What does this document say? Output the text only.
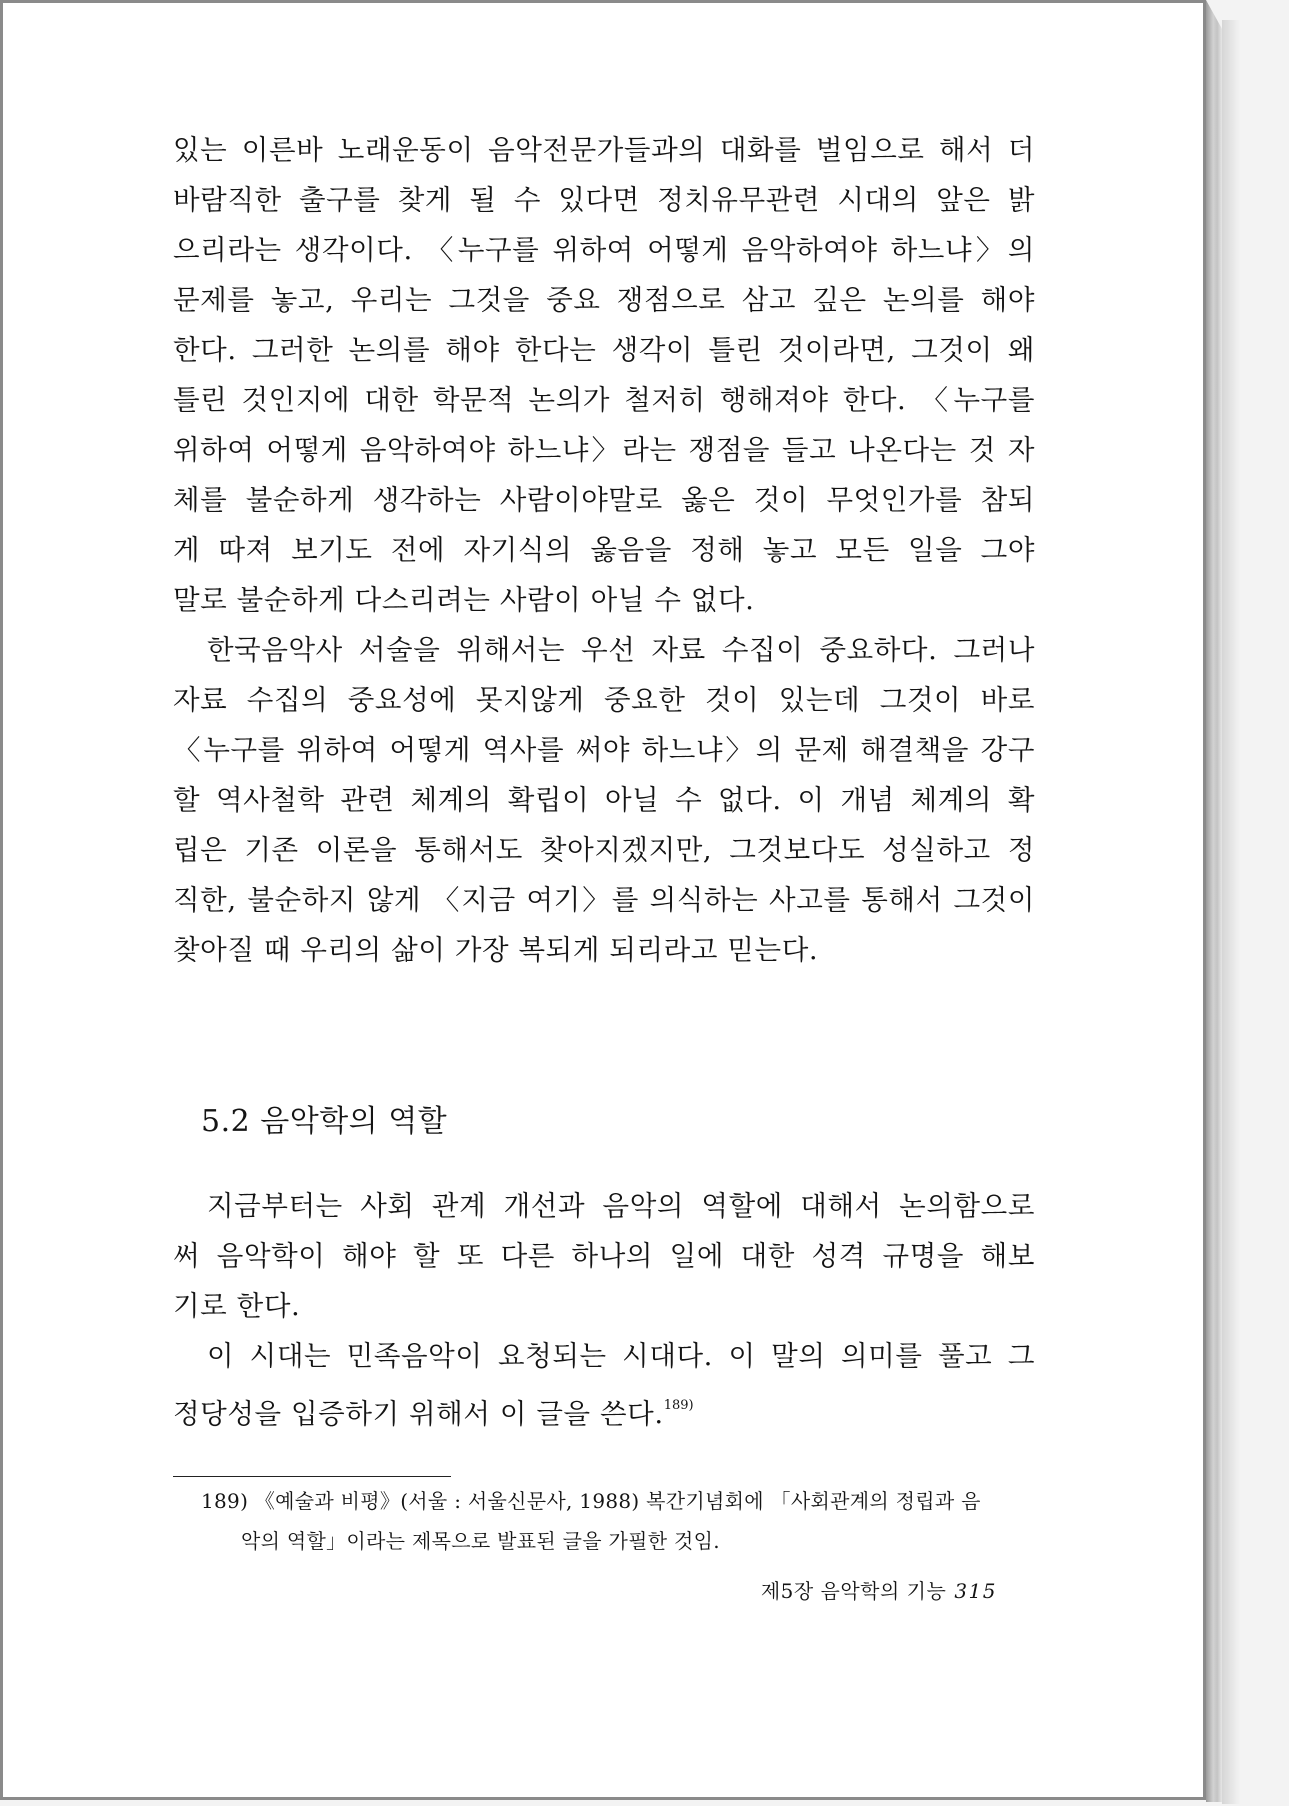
있는 이른바 노래운동이 음악전문가들과의 대화를 벌임으로 해서 더
바람직한 출구를 찾게 될 수 있다면 정치유무관련 시대의 앞은 밝
으리라는 생각이다. 〈누구를 위하여 어떻게 음악하여야 하느냐〉의
문제를 놓고, 우리는 그것을 중요 쟁점으로 삼고 깊은 논의를 해야
한다. 그러한 논의를 해야 한다는 생각이 틀린 것이라면, 그것이 왜
틀린 것인지에 대한 학문적 논의가 철저히 행해져야 한다. 〈누구를
위하여 어떻게 음악하여야 하느냐〉라는 쟁점을 들고 나온다는 것 자
체를 불순하게 생각하는 사람이야말로 옳은 것이 무엇인가를 참되
게 따져 보기도 전에 자기식의 옳음을 정해 놓고 모든 일을 그야
말로 불순하게 다스리려는 사람이 아닐 수 없다.
한국음악사 서술을 위해서는 우선 자료 수집이 중요하다. 그러나
자료 수집의 중요성에 못지않게 중요한 것이 있는데 그것이 바로
〈누구를 위하여 어떻게 역사를 써야 하느냐〉의 문제 해결책을 강구
할 역사철학 관련 체계의 확립이 아닐 수 없다. 이 개념 체계의 확
립은 기존 이론을 통해서도 찾아지겠지만, 그것보다도 성실하고 정
직한, 불순하지 않게 〈지금 여기〉를 의식하는 사고를 통해서 그것이
찾아질 때 우리의 삶이 가장 복되게 되리라고 믿는다.
5.2 음악학의 역할
지금부터는 사회 관계 개선과 음악의 역할에 대해서 논의함으로
써 음악학이 해야 할 또 다른 하나의 일에 대한 성격 규명을 해보
기로 한다.
이 시대는 민족음악이 요청되는 시대다. 이 말의 의미를 풀고 그
정당성을 입증하기 위해서 이 글을 쓴다.$^{189)}$
189) 《예술과 비평》(서울 : 서울신문사, 1988) 복간기념회에 「사회관계의 정립과 음
악의 역할」이라는 제목으로 발표된 글을 가필한 것임.
제5장 음악학의 기능 315
